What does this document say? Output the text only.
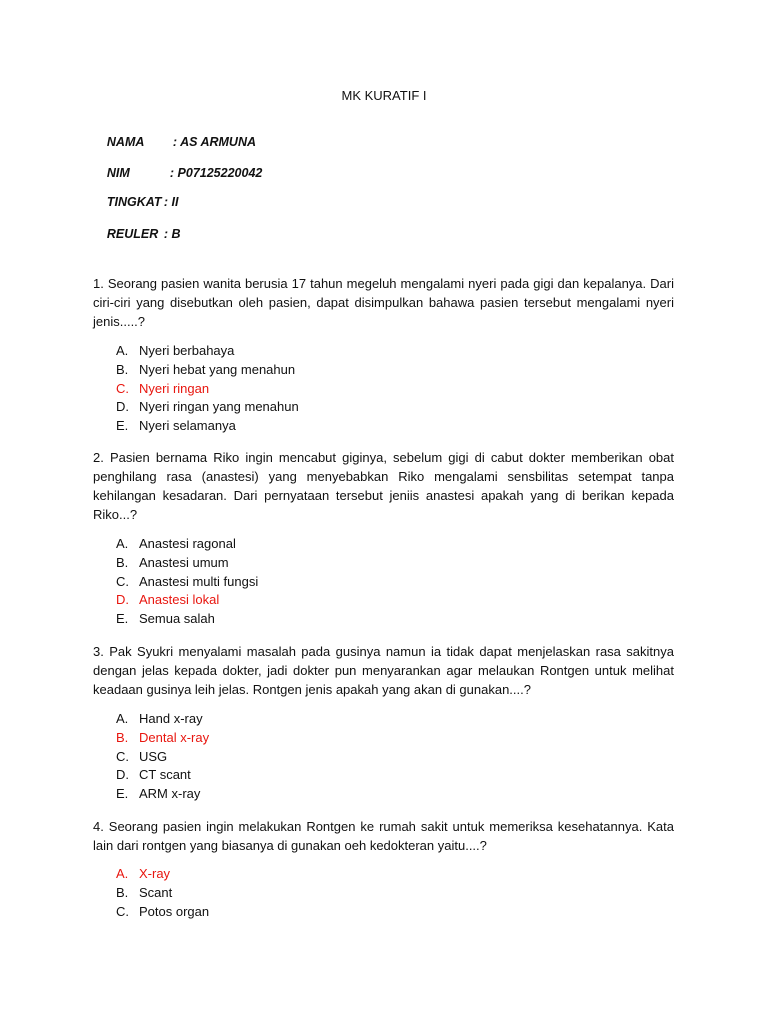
MK KURATIF I

NAMA : AS ARMUNA

NIM	: P07125220042

TINGKAT : II

REULER : B

1. Seorang pasien wanita berusia 17 tahun megeluh mengalami nyeri pada gigi dan kepalanya. Dari ciri-ciri yang disebutkan oleh pasien, dapat disimpulkan bahawa pasien tersebut mengalami nyeri jenis.....?
A. Nyeri berbahaya
B. Nyeri hebat yang menahun
C. Nyeri ringan
D. Nyeri ringan yang menahun
E. Nyeri selamanya
2. Pasien bernama Riko ingin mencabut giginya, sebelum gigi di cabut dokter memberikan obat penghilang rasa (anastesi) yang menyebabkan Riko mengalami sensbilitas setempat tanpa kehilangan kesadaran. Dari pernyataan tersebut jeniis anastesi apakah yang di berikan kepada Riko...?
A. Anastesi ragonal
B. Anastesi umum
C. Anastesi multi fungsi
D. Anastesi lokal
E. Semua salah
3. Pak Syukri menyalami masalah pada gusinya namun ia tidak dapat menjelaskan rasa sakitnya dengan jelas kepada dokter, jadi dokter pun menyarankan agar melaukan Rontgen untuk melihat keadaan gusinya leih jelas. Rontgen jenis apakah yang akan di gunakan....?
A. Hand x-ray
B. Dental x-ray
C. USG
D. CT scant
E. ARM x-ray
4. Seorang pasien ingin melakukan Rontgen ke rumah sakit untuk memeriksa kesehatannya. Kata lain dari rontgen yang biasanya di gunakan oeh kedokteran yaitu....?
A. X-ray
B. Scant
C. Potos organ
